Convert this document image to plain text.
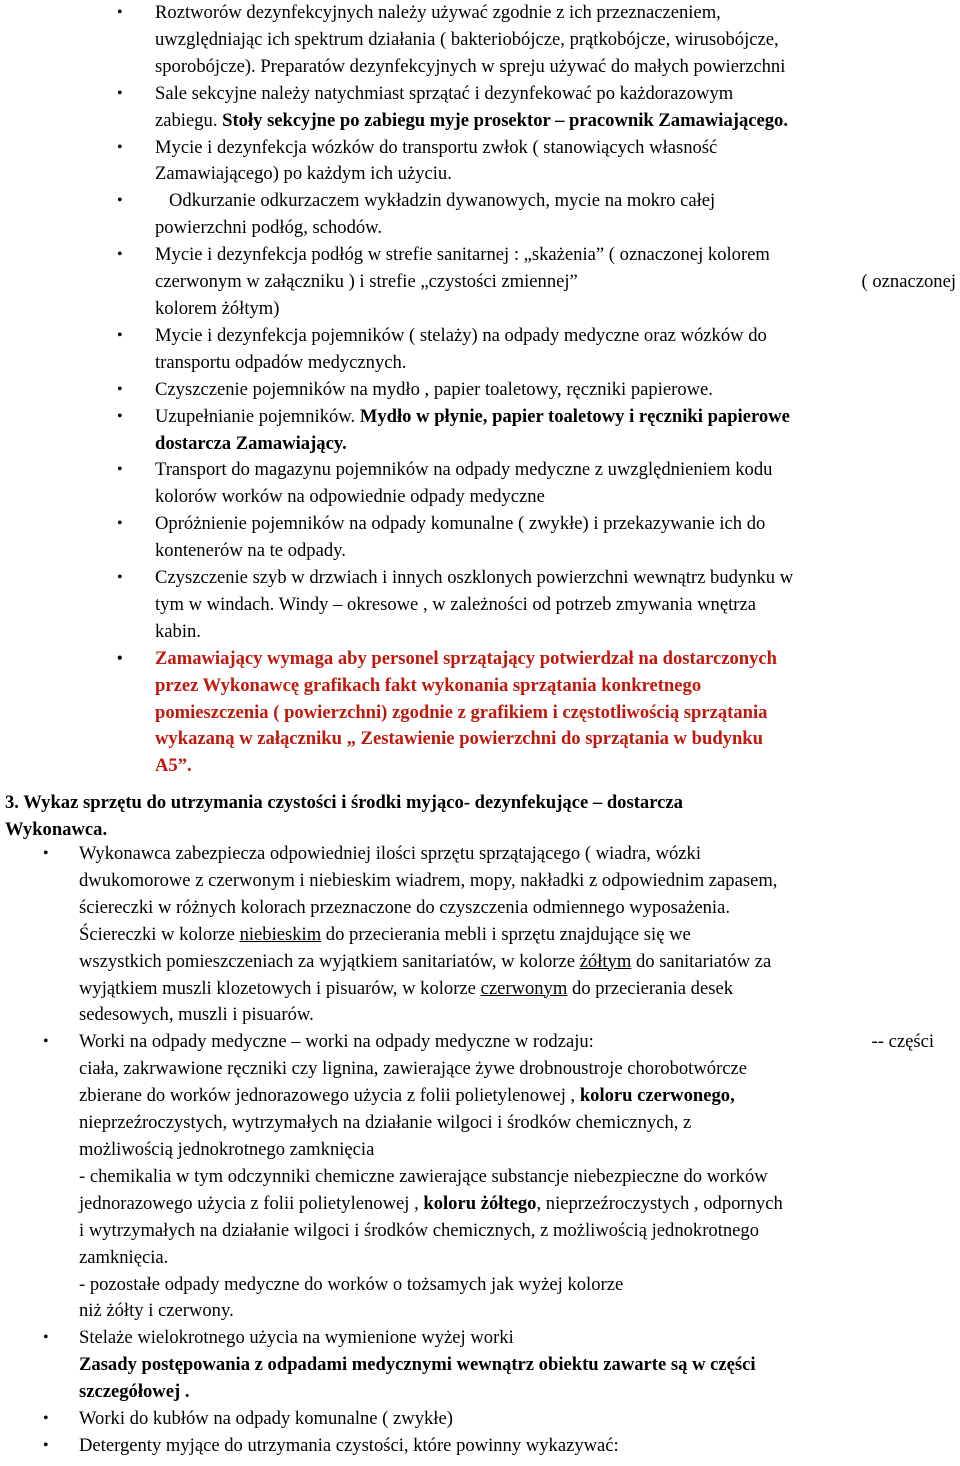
• Roztworów dezynfekcyjnych należy używać zgodnie z ich przeznaczeniem,
uwzględniając ich spektrum działania ( bakteriobójcze, prątkobójcze, wirusobójcze,
sporobójcze). Preparatów dezynfekcyjnych w spreju używać do małych powierzchni
• Sale sekcyjne należy natychmiast sprzątać i dezynfekować po każdorazowym
zabiegu. Stoły sekcyjne po zabiegu myje prosektor – pracownik Zamawiającego.
• Mycie i dezynfekcja wózków do transportu zwłok ( stanowiących własność
Zamawiającego) po każdym ich użyciu.
• Odkurzanie odkurzaczem wykładzin dywanowych, mycie na mokro całej
powierzchni podłóg, schodów.
• Mycie i dezynfekcja podłóg w strefie sanitarnej : „skażenia” ( oznaczonej kolorem
czerwonym w załączniku ) i strefie „czystości zmiennej”	( oznaczonej
kolorem żółtym)
• Mycie i dezynfekcja pojemników ( stelaży) na odpady medyczne oraz wózków do
transportu odpadów medycznych.
• Czyszczenie pojemników na mydło , papier toaletowy, ręczniki papierowe.
• Uzupełnianie pojemników. Mydło w płynie, papier toaletowy i ręczniki papierowe
dostarcza Zamawiający.
• Transport do magazynu pojemników na odpady medyczne z uwzględnieniem kodu
kolorów worków na odpowiednie odpady medyczne
• Opróżnienie pojemników na odpady komunalne ( zwykłe) i przekazywanie ich do
kontenerów na te odpady.
• Czyszczenie szyb w drzwiach i innych oszklonych powierzchni wewnątrz budynku w
tym w windach. Windy – okresowe , w zależności od potrzeb zmywania wnętrza
kabin.
• Zamawiający wymaga aby personel sprzątający potwierdzał na dostarczonych
przez Wykonawcę grafikach fakt wykonania sprzątania konkretnego
pomieszczenia ( powierzchni) zgodnie z grafikiem i częstotliwością sprzątania
wykazaną w załączniku „ Zestawienie powierzchni do sprzątania w budynku
A5”.
3. Wykaz sprzętu do utrzymania czystości i środki myjąco- dezynfekujące – dostarcza
Wykonawca.
• Wykonawca zabezpiecza odpowiedniej ilości sprzętu sprzątającego ( wiadra, wózki
dwukomorowe z czerwonym i niebieskim wiadrem, mopy, nakładki z odpowiednim zapasem,
ściereczki w różnych kolorach przeznaczone do czyszczenia odmiennego wyposażenia.
Ściereczki w kolorze niebieskim do przecierania mebli i sprzętu znajdujące się we
wszystkich pomieszczeniach za wyjątkiem sanitariatów, w kolorze żółtym do sanitariatów za
wyjątkiem muszli klozetowych i pisuarów, w kolorze czerwonym do przecierania desek
sedesowych, muszli i pisuarów.
• Worki na odpady medyczne – worki na odpady medyczne w rodzaju:	-- części
ciała, zakrwawione ręczniki czy lignina, zawierające żywe drobnoustroje chorobotwórcze
zbierane do worków jednorazowego użycia z folii polietylenowej , koloru czerwonego,
nieprzeźroczystych, wytrzymałych na działanie wilgoci i środków chemicznych, z
możliwością jednokrotnego zamknięcia
- chemikalia w tym odczynniki chemiczne zawierające substancje niebezpieczne do worków
jednorazowego użycia z folii polietylenowej , koloru żółtego, nieprzeźroczystych , odpornych
i wytrzymałych na działanie wilgoci i środków chemicznych, z możliwością jednokrotnego
zamknięcia.
- pozostałe odpady medyczne do worków o tożsamych jak wyżej kolorze
niż żółty i czerwony.
• Stelaże wielokrotnego użycia na wymienione wyżej worki
Zasady postępowania z odpadami medycznymi wewnątrz obiektu zawarte są w części
szczegółowej .
• Worki do kubłów na odpady komunalne ( zwykłe)
• Detergenty myjące do utrzymania czystości, które powinny wykazywać:
